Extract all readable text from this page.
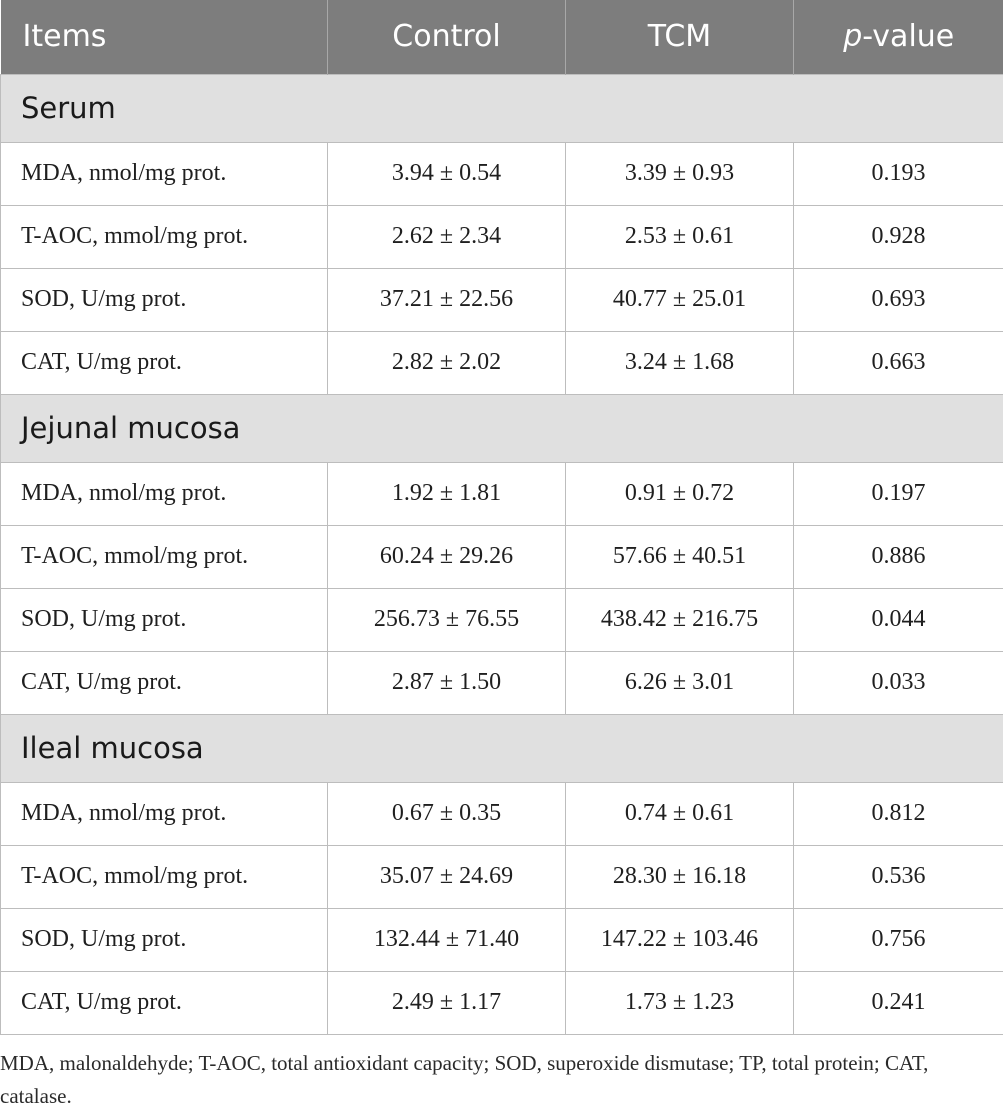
Items	Control	TCM	p-value
Serum			
MDA, nmol/mg prot.	3.94 ± 0.54	3.39 ± 0.93	0.193
T-AOC, mmol/mg prot.	2.62 ± 2.34	2.53 ± 0.61	0.928
SOD, U/mg prot.	37.21 ± 22.56	40.77 ± 25.01	0.693
CAT, U/mg prot.	2.82 ± 2.02	3.24 ± 1.68	0.663
Jejunal mucosa			
MDA, nmol/mg prot.	1.92 ± 1.81	0.91 ± 0.72	0.197
T-AOC, mmol/mg prot.	60.24 ± 29.26	57.66 ± 40.51	0.886
SOD, U/mg prot.	256.73 ± 76.55	438.42 ± 216.75	0.044
CAT, U/mg prot.	2.87 ± 1.50	6.26 ± 3.01	0.033
Ileal mucosa			
MDA, nmol/mg prot.	0.67 ± 0.35	0.74 ± 0.61	0.812
T-AOC, mmol/mg prot.	35.07 ± 24.69	28.30 ± 16.18	0.536
SOD, U/mg prot.	132.44 ± 71.40	147.22 ± 103.46	0.756
CAT, U/mg prot.	2.49 ± 1.17	1.73 ± 1.23	0.241

MDA, malonaldehyde; T-AOC, total antioxidant capacity; SOD, superoxide dismutase; TP, total protein; CAT, catalase.
